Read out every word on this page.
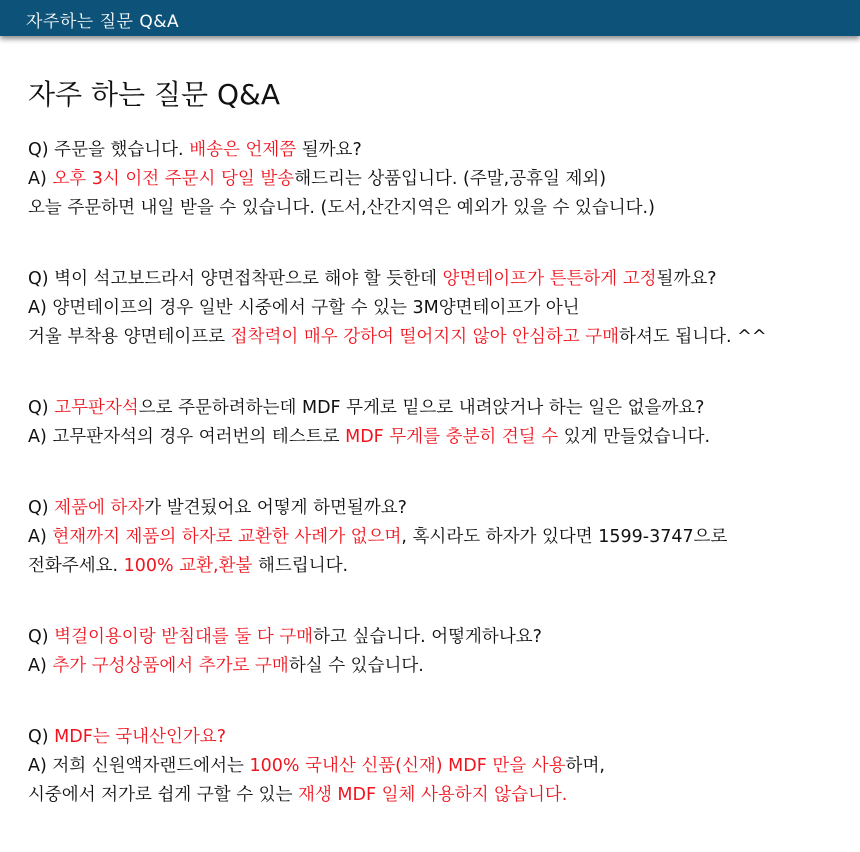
자주하는 질문 Q&A
자주 하는 질문 Q&A
Q) 주문을 했습니다. 배송은 언제쯤 될까요?
A) 오후 3시 이전 주문시 당일 발송해드리는 상품입니다. (주말,공휴일 제외)
오늘 주문하면 내일 받을 수 있습니다. (도서,산간지역은 예외가 있을 수 있습니다.)
Q) 벽이 석고보드라서 양면접착판으로 해야 할 듯한데 양면테이프가 튼튼하게 고정될까요?
A) 양면테이프의 경우 일반 시중에서 구할 수 있는 3M양면테이프가 아닌
거울 부착용 양면테이프로 접착력이 매우 강하여 떨어지지 않아 안심하고 구매하셔도 됩니다. ^^
Q) 고무판자석으로 주문하려하는데 MDF 무게로 밑으로 내려앉거나 하는 일은 없을까요?
A) 고무판자석의 경우 여러번의 테스트로 MDF 무게를 충분히 견딜 수 있게 만들었습니다.
Q) 제품에 하자가 발견됬어요 어떻게 하면될까요?
A) 현재까지 제품의 하자로 교환한 사례가 없으며, 혹시라도 하자가 있다면 1599-3747으로
전화주세요. 100% 교환,환불 해드립니다.
Q) 벽걸이용이랑 받침대를 둘 다 구매하고 싶습니다. 어떻게하나요?
A) 추가 구성상품에서 추가로 구매하실 수 있습니다.
Q) MDF는 국내산인가요?
A) 저희 신원액자랜드에서는 100% 국내산 신품(신재) MDF 만을 사용하며,
시중에서 저가로 쉽게 구할 수 있는 재생 MDF 일체 사용하지 않습니다.
